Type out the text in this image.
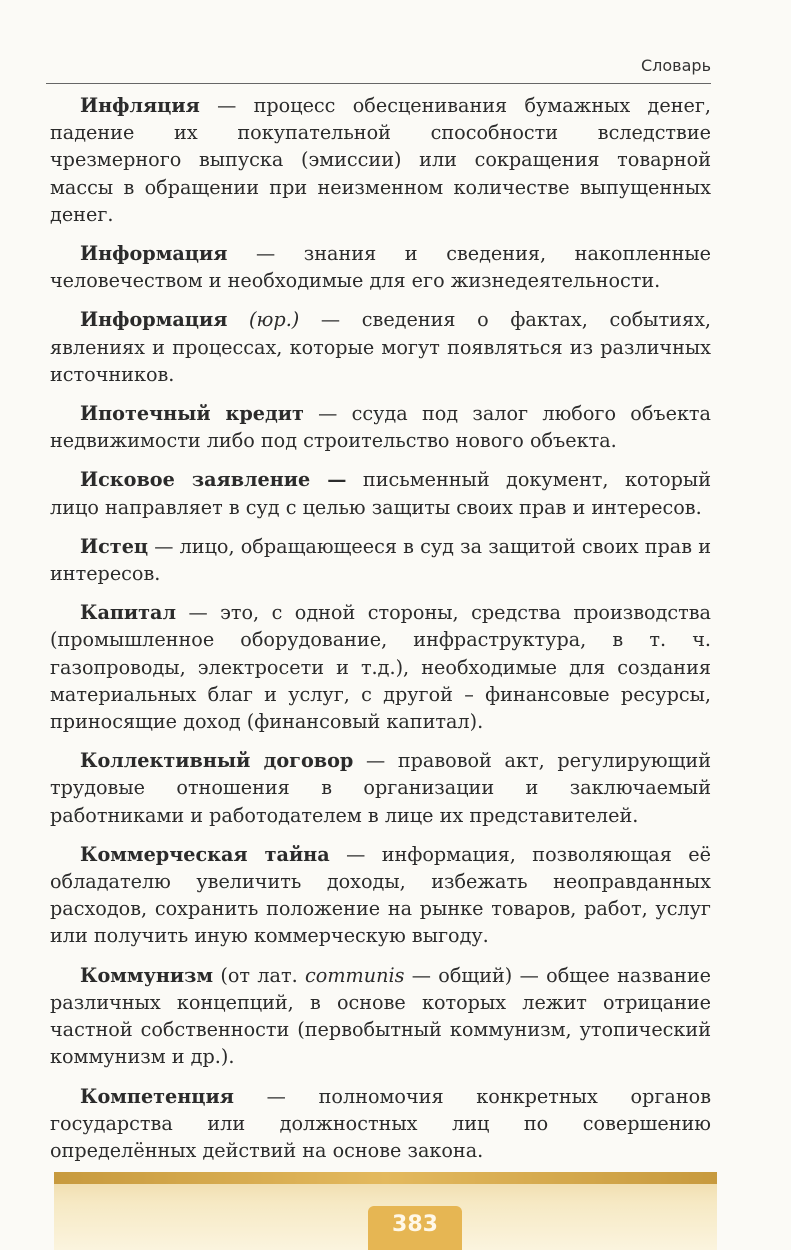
Словарь

Инфляция — процесс обесценивания бумажных денег, падение их покупательной способности вследствие чрезмерного выпуска (эмиссии) или сокращения товарной массы в обращении при неизменном количестве выпущенных денег.

Информация — знания и сведения, накопленные человечеством и необходимые для его жизнедеятельности.

Информация (юр.) — сведения о фактах, событиях, явлениях и процессах, которые могут появляться из различных источников.

Ипотечный кредит — ссуда под залог любого объекта недвижимости либо под строительство нового объекта.

Исковое заявление — письменный документ, который лицо направляет в суд с целью защиты своих прав и интересов.

Истец — лицо, обращающееся в суд за защитой своих прав и интересов.

Капитал — это, с одной стороны, средства производства (промышленное оборудование, инфраструктура, в т. ч. газопроводы, электросети и т.д.), необходимые для создания материальных благ и услуг, с другой – финансовые ресурсы, приносящие доход (финансовый капитал).

Коллективный договор — правовой акт, регулирующий трудовые отношения в организации и заключаемый работниками и работодателем в лице их представителей.

Коммерческая тайна — информация, позволяющая её обладателю увеличить доходы, избежать неоправданных расходов, сохранить положение на рынке товаров, работ, услуг или получить иную коммерческую выгоду.

Коммунизм (от лат. communis — общий) — общее название различных концепций, в основе которых лежит отрицание частной собственности (первобытный коммунизм, утопический коммунизм и др.).

Компетенция — полномочия конкретных органов государства или должностных лиц по совершению определённых действий на основе закона.

383
